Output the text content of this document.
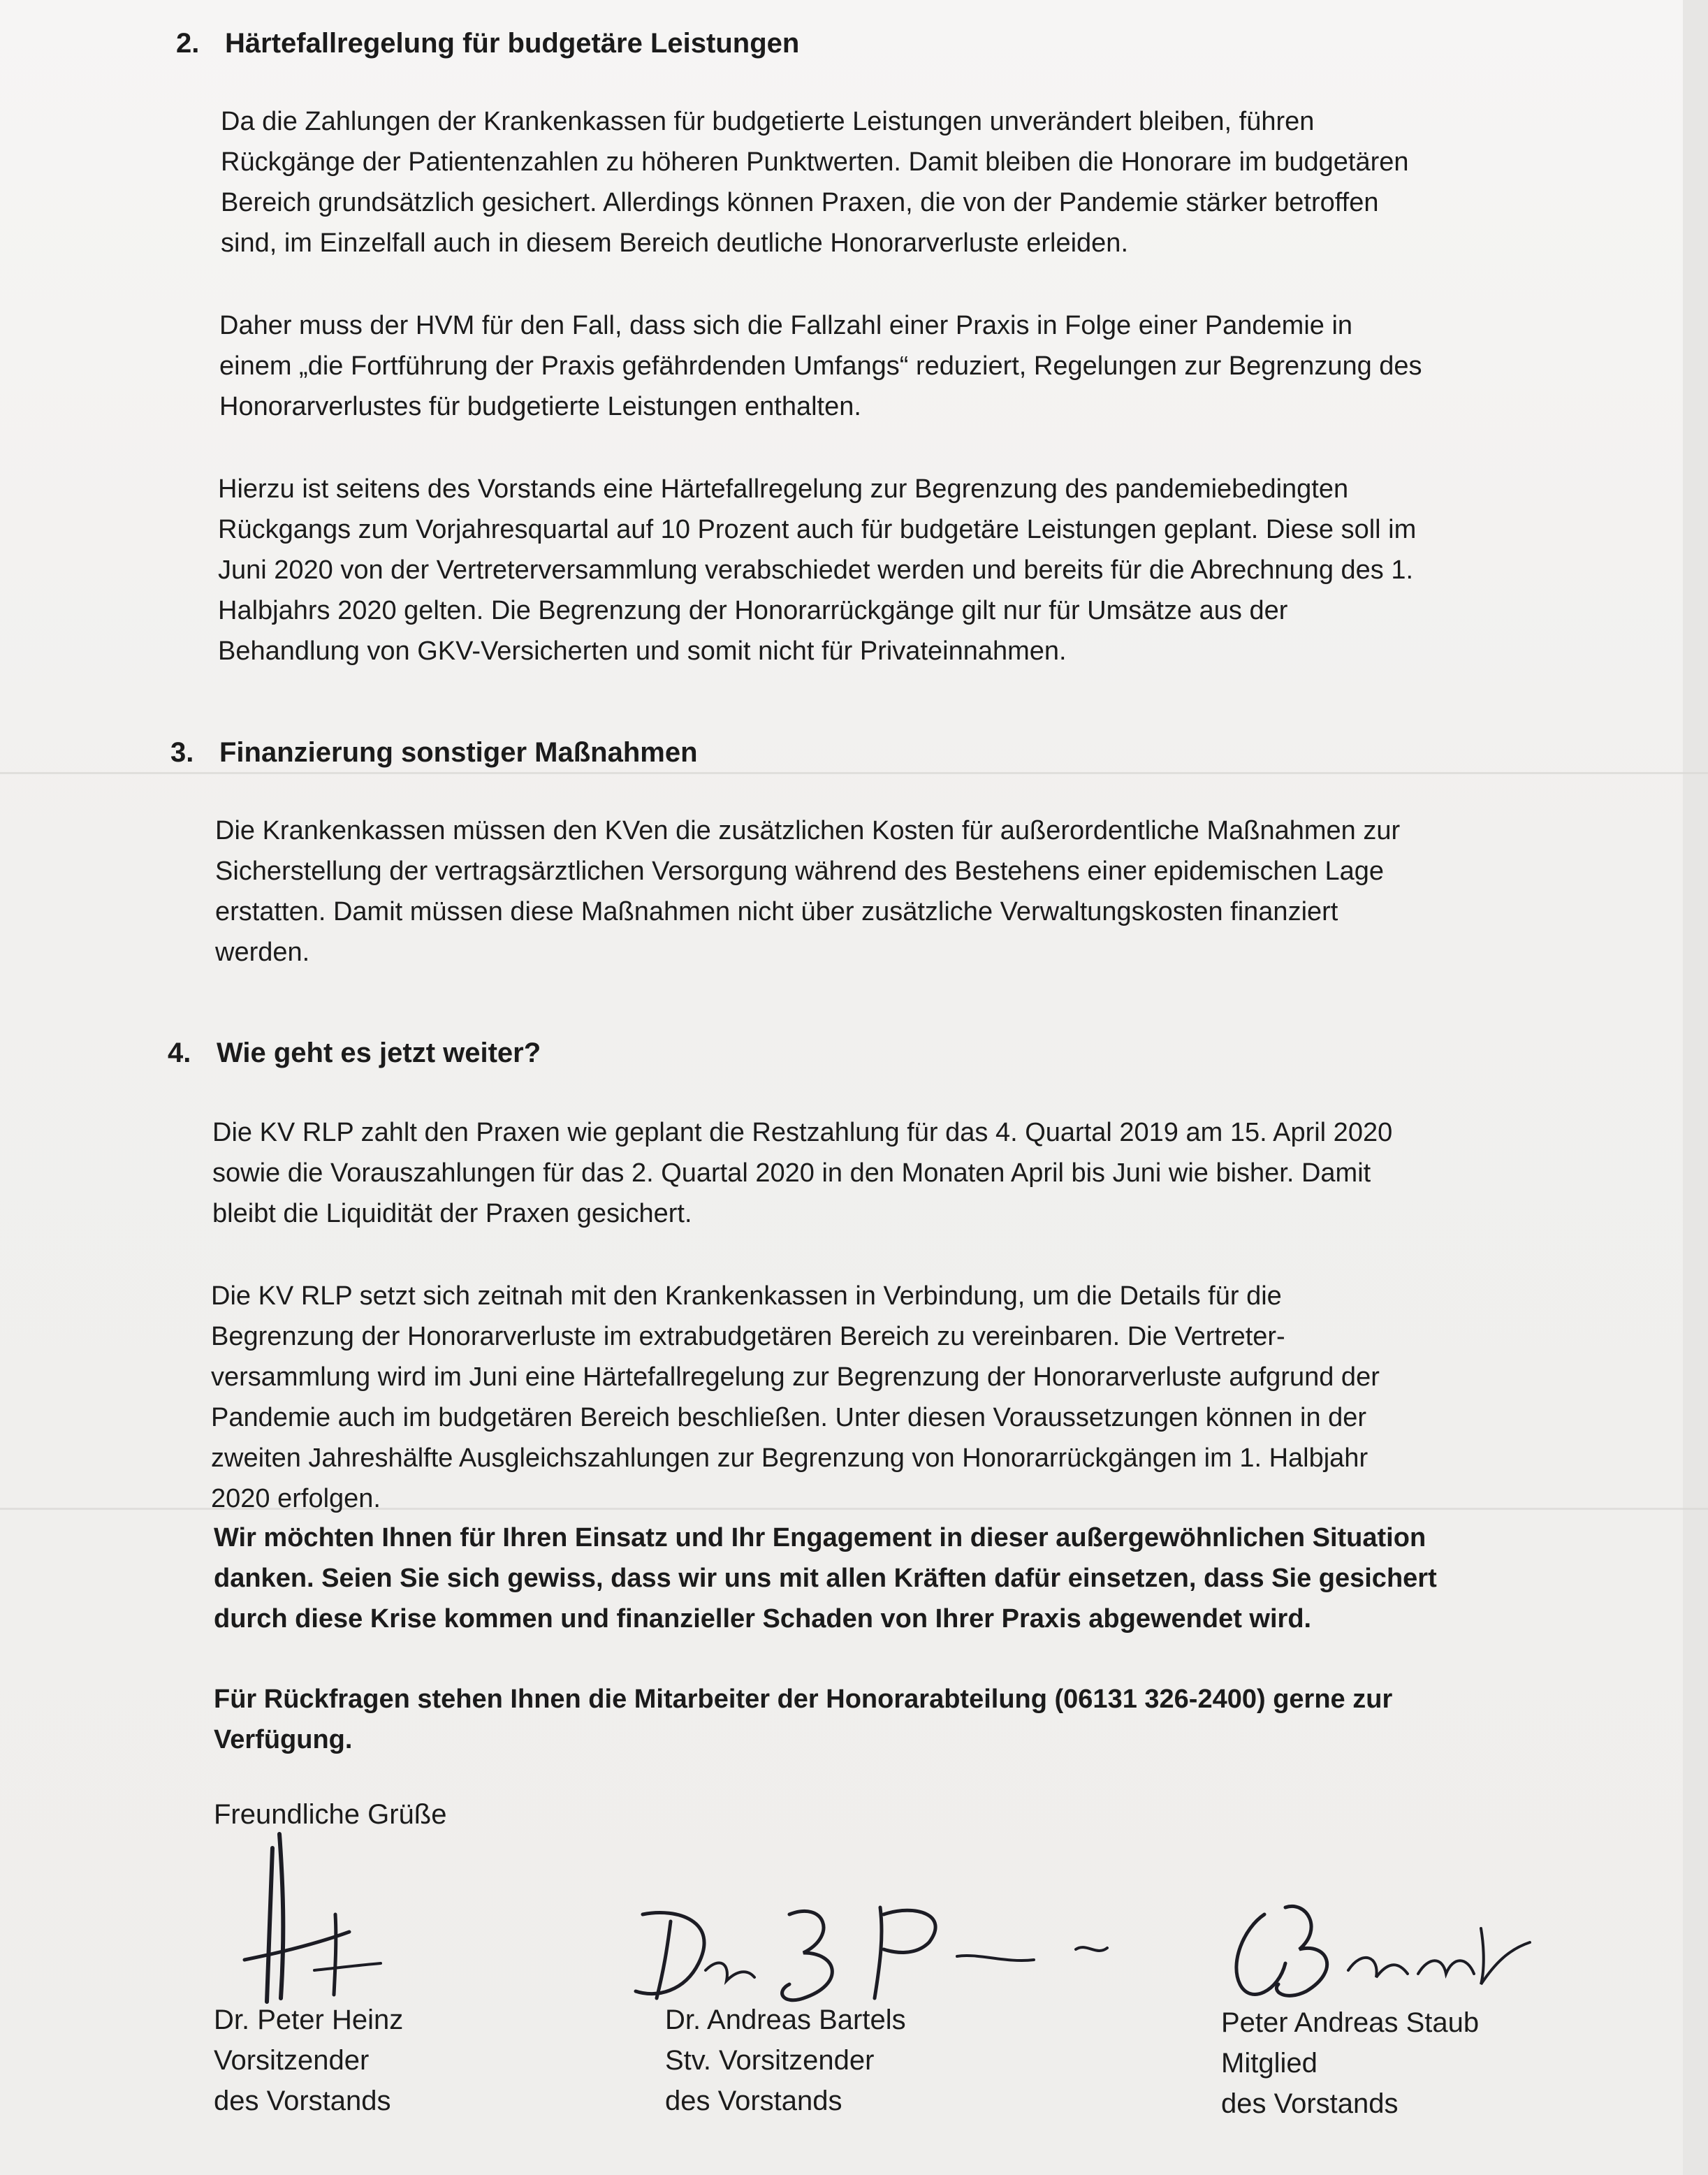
2. Härtefallregelung für budgetäre Leistungen
Da die Zahlungen der Krankenkassen für budgetierte Leistungen unverändert bleiben, führen
Rückgänge der Patientenzahlen zu höheren Punktwerten. Damit bleiben die Honorare im budgetären
Bereich grundsätzlich gesichert. Allerdings können Praxen, die von der Pandemie stärker betroffen
sind, im Einzelfall auch in diesem Bereich deutliche Honorarverluste erleiden.
Daher muss der HVM für den Fall, dass sich die Fallzahl einer Praxis in Folge einer Pandemie in
einem „die Fortführung der Praxis gefährdenden Umfangs“ reduziert, Regelungen zur Begrenzung des
Honorarverlustes für budgetierte Leistungen enthalten.
Hierzu ist seitens des Vorstands eine Härtefallregelung zur Begrenzung des pandemiebedingten
Rückgangs zum Vorjahresquartal auf 10 Prozent auch für budgetäre Leistungen geplant. Diese soll im
Juni 2020 von der Vertreterversammlung verabschiedet werden und bereits für die Abrechnung des 1.
Halbjahrs 2020 gelten. Die Begrenzung der Honorarrückgänge gilt nur für Umsätze aus der
Behandlung von GKV-Versicherten und somit nicht für Privateinnahmen.
3. Finanzierung sonstiger Maßnahmen
Die Krankenkassen müssen den KVen die zusätzlichen Kosten für außerordentliche Maßnahmen zur
Sicherstellung der vertragsärztlichen Versorgung während des Bestehens einer epidemischen Lage
erstatten. Damit müssen diese Maßnahmen nicht über zusätzliche Verwaltungskosten finanziert
werden.
4. Wie geht es jetzt weiter?
Die KV RLP zahlt den Praxen wie geplant die Restzahlung für das 4. Quartal 2019 am 15. April 2020
sowie die Vorauszahlungen für das 2. Quartal 2020 in den Monaten April bis Juni wie bisher. Damit
bleibt die Liquidität der Praxen gesichert.
Die KV RLP setzt sich zeitnah mit den Krankenkassen in Verbindung, um die Details für die
Begrenzung der Honorarverluste im extrabudgetären Bereich zu vereinbaren. Die Vertreter-
versammlung wird im Juni eine Härtefallregelung zur Begrenzung der Honorarverluste aufgrund der
Pandemie auch im budgetären Bereich beschließen. Unter diesen Voraussetzungen können in der
zweiten Jahreshälfte Ausgleichszahlungen zur Begrenzung von Honorarrückgängen im 1. Halbjahr
2020 erfolgen.
Wir möchten Ihnen für Ihren Einsatz und Ihr Engagement in dieser außergewöhnlichen Situation
danken. Seien Sie sich gewiss, dass wir uns mit allen Kräften dafür einsetzen, dass Sie gesichert
durch diese Krise kommen und finanzieller Schaden von Ihrer Praxis abgewendet wird.
Für Rückfragen stehen Ihnen die Mitarbeiter der Honorarabteilung (06131 326-2400) gerne zur
Verfügung.
Freundliche Grüße
Dr. Peter Heinz
Vorsitzender
des Vorstands
Dr. Andreas Bartels
Stv. Vorsitzender
des Vorstands
Peter Andreas Staub
Mitglied
des Vorstands
